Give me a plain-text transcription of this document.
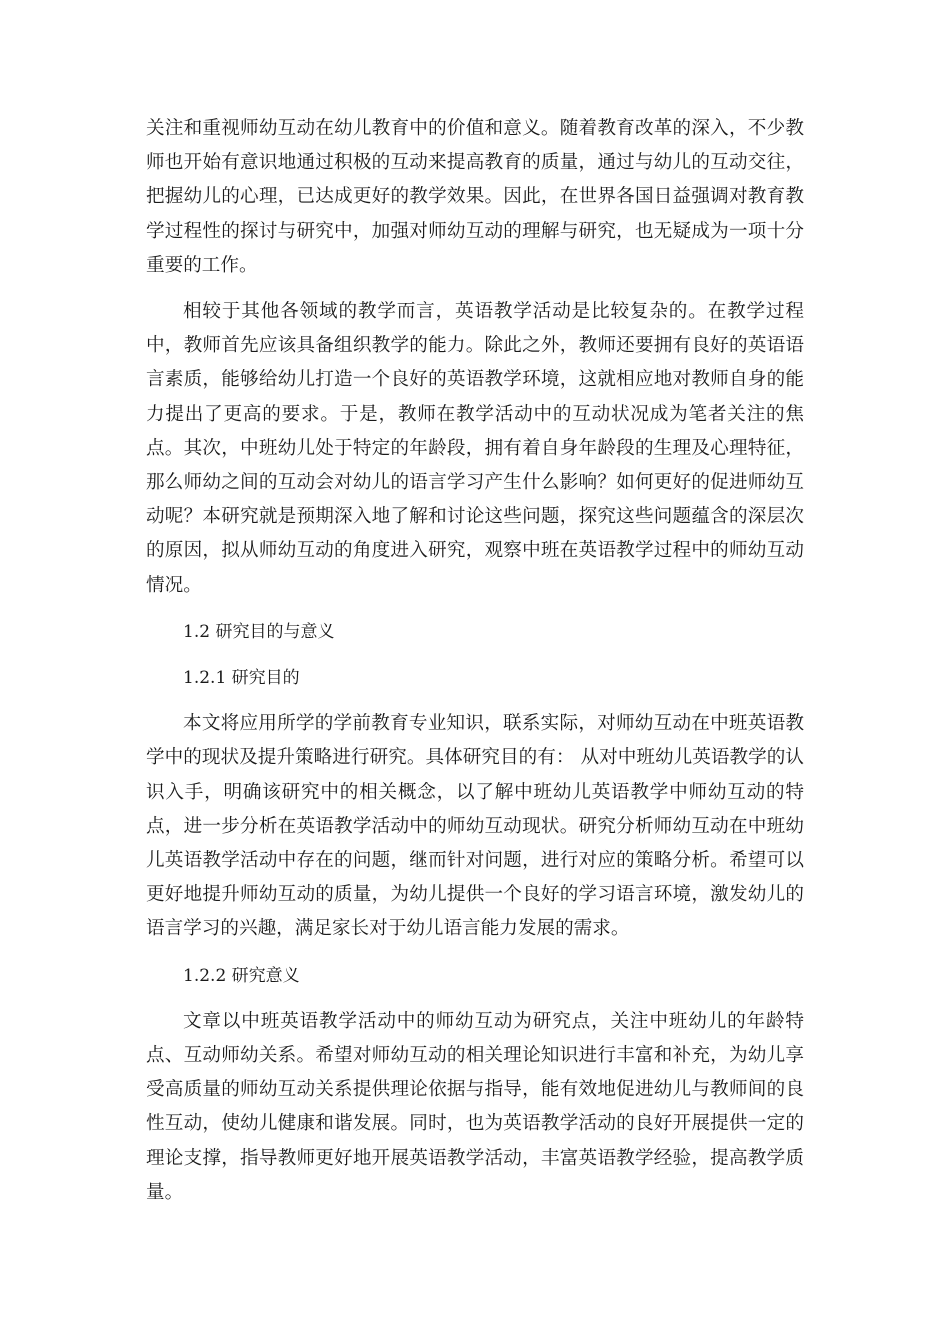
关注和重视师幼互动在幼儿教育中的价值和意义。随着教育改革的深入，不少教师也开始有意识地通过积极的互动来提高教育的质量，通过与幼儿的互动交往，把握幼儿的心理，已达成更好的教学效果。因此，在世界各国日益强调对教育教学过程性的探讨与研究中，加强对师幼互动的理解与研究，也无疑成为一项十分重要的工作。

相较于其他各领域的教学而言，英语教学活动是比较复杂的。在教学过程中，教师首先应该具备组织教学的能力。除此之外，教师还要拥有良好的英语语言素质，能够给幼儿打造一个良好的英语教学环境，这就相应地对教师自身的能力提出了更高的要求。于是，教师在教学活动中的互动状况成为笔者关注的焦点。其次，中班幼儿处于特定的年龄段，拥有着自身年龄段的生理及心理特征，那么师幼之间的互动会对幼儿的语言学习产生什么影响？如何更好的促进师幼互动呢？本研究就是预期深入地了解和讨论这些问题，探究这些问题蕴含的深层次的原因，拟从师幼互动的角度进入研究，观察中班在英语教学过程中的师幼互动情况。

1.2 研究目的与意义

1.2.1 研究目的

本文将应用所学的学前教育专业知识，联系实际，对师幼互动在中班英语教学中的现状及提升策略进行研究。具体研究目的有： 从对中班幼儿英语教学的认识入手，明确该研究中的相关概念，以了解中班幼儿英语教学中师幼互动的特点，进一步分析在英语教学活动中的师幼互动现状。研究分析师幼互动在中班幼儿英语教学活动中存在的问题，继而针对问题，进行对应的策略分析。希望可以更好地提升师幼互动的质量，为幼儿提供一个良好的学习语言环境，激发幼儿的语言学习的兴趣，满足家长对于幼儿语言能力发展的需求。

1.2.2 研究意义

文章以中班英语教学活动中的师幼互动为研究点，关注中班幼儿的年龄特点、互动师幼关系。希望对师幼互动的相关理论知识进行丰富和补充，为幼儿享受高质量的师幼互动关系提供理论依据与指导，能有效地促进幼儿与教师间的良性互动，使幼儿健康和谐发展。同时，也为英语教学活动的良好开展提供一定的理论支撑，指导教师更好地开展英语教学活动，丰富英语教学经验，提高教学质量。
